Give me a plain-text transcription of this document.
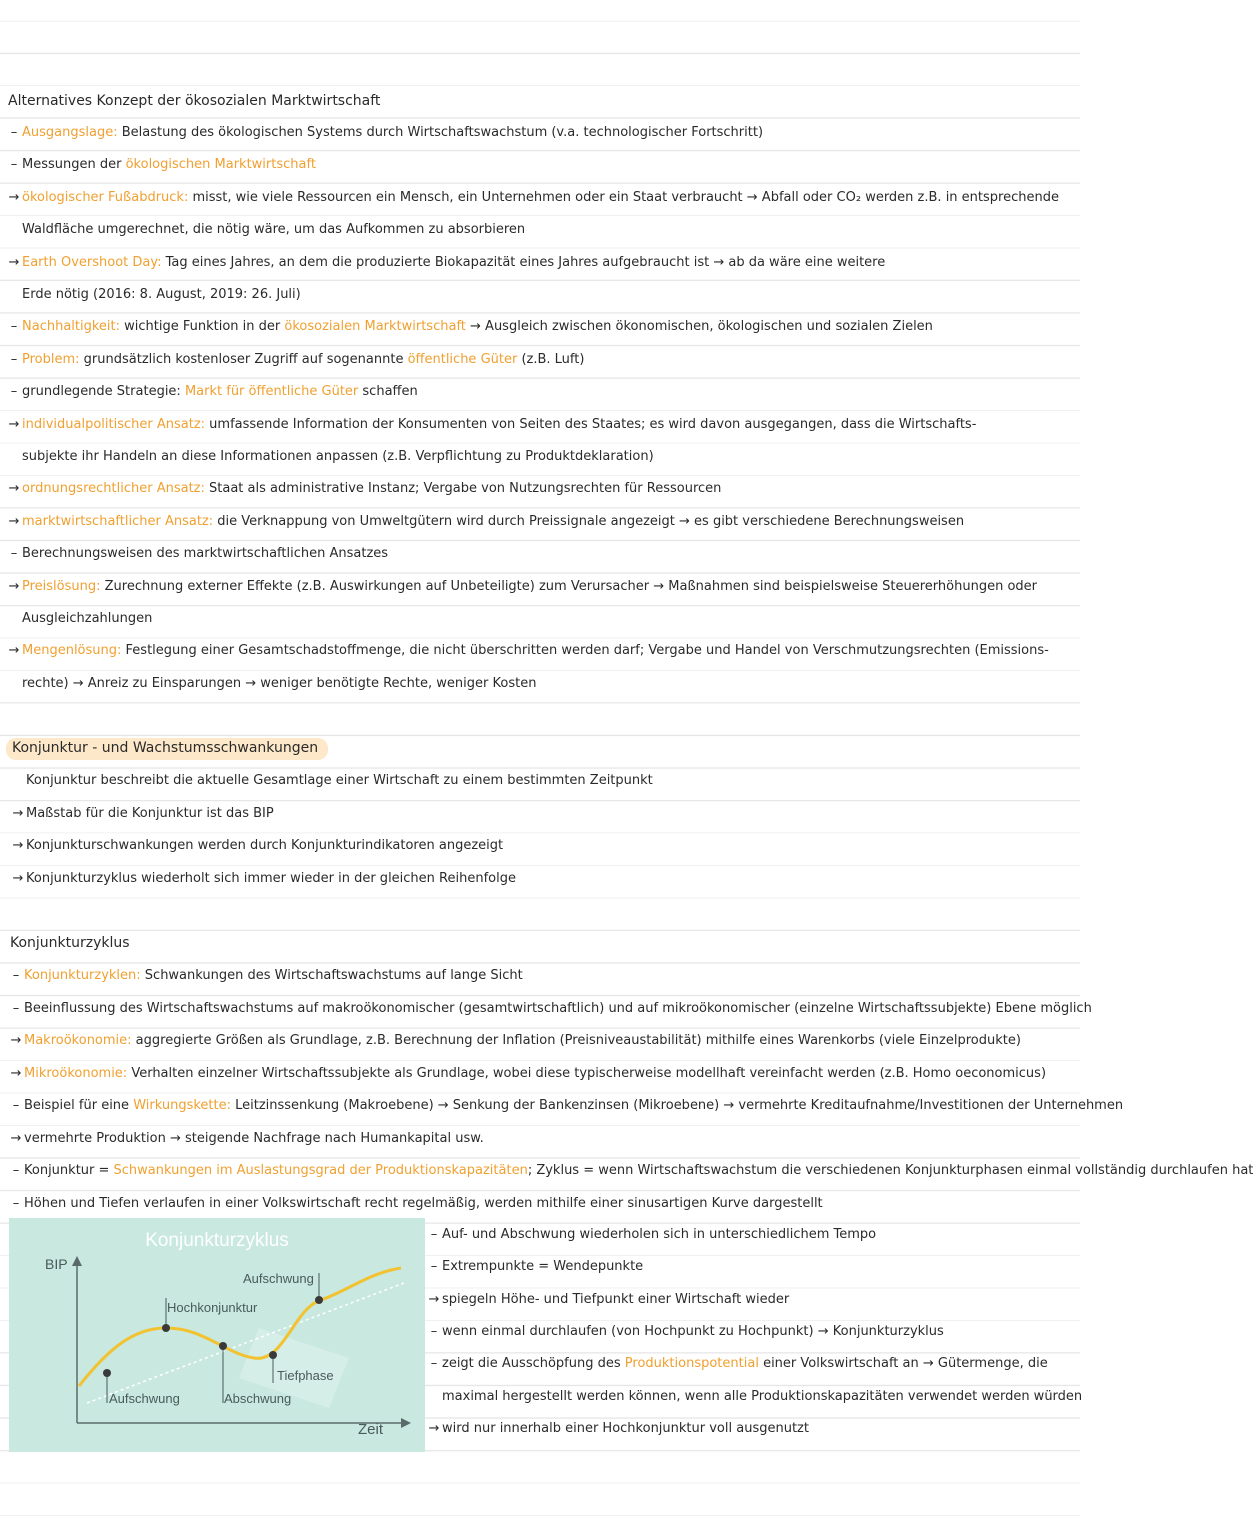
Alternatives Konzept der ökosozialen Marktwirtschaft
– Ausgangslage: Belastung des ökologischen Systems durch Wirtschaftswachstum (v.a. technologischer Fortschritt)
– Messungen der ökologischen Marktwirtschaft
→ ökologischer Fußabdruck: misst, wie viele Ressourcen ein Mensch, ein Unternehmen oder ein Staat verbraucht → Abfall oder CO₂ werden z.B. in entsprechende
Waldfläche umgerechnet, die nötig wäre, um das Aufkommen zu absorbieren
→ Earth Overshoot Day: Tag eines Jahres, an dem die produzierte Biokapazität eines Jahres aufgebraucht ist → ab da wäre eine weitere
Erde nötig (2016: 8. August, 2019: 26. Juli)
– Nachhaltigkeit: wichtige Funktion in der ökosozialen Marktwirtschaft → Ausgleich zwischen ökonomischen, ökologischen und sozialen Zielen
– Problem: grundsätzlich kostenloser Zugriff auf sogenannte öffentliche Güter (z.B. Luft)
– grundlegende Strategie: Markt für öffentliche Güter schaffen
→ individualpolitischer Ansatz: umfassende Information der Konsumenten von Seiten des Staates; es wird davon ausgegangen, dass die Wirtschafts-
subjekte ihr Handeln an diese Informationen anpassen (z.B. Verpflichtung zu Produktdeklaration)
→ ordnungsrechtlicher Ansatz: Staat als administrative Instanz; Vergabe von Nutzungsrechten für Ressourcen
→ marktwirtschaftlicher Ansatz: die Verknappung von Umweltgütern wird durch Preissignale angezeigt → es gibt verschiedene Berechnungsweisen
– Berechnungsweisen des marktwirtschaftlichen Ansatzes
→ Preislösung: Zurechnung externer Effekte (z.B. Auswirkungen auf Unbeteiligte) zum Verursacher → Maßnahmen sind beispielsweise Steuererhöhungen oder
Ausgleichzahlungen
→ Mengenlösung: Festlegung einer Gesamtschadstoffmenge, die nicht überschritten werden darf; Vergabe und Handel von Verschmutzungsrechten (Emissions-
rechte) → Anreiz zu Einsparungen → weniger benötigte Rechte, weniger Kosten
Konjunktur - und Wachstumsschwankungen
Konjunktur beschreibt die aktuelle Gesamtlage einer Wirtschaft zu einem bestimmten Zeitpunkt
→ Maßstab für die Konjunktur ist das BIP
→ Konjunkturschwankungen werden durch Konjunkturindikatoren angezeigt
→ Konjunkturzyklus wiederholt sich immer wieder in der gleichen Reihenfolge
Konjunkturzyklus
– Konjunkturzyklen: Schwankungen des Wirtschaftswachstums auf lange Sicht
– Beeinflussung des Wirtschaftswachstums auf makroökonomischer (gesamtwirtschaftlich) und auf mikroökonomischer (einzelne Wirtschaftssubjekte) Ebene möglich
→ Makroökonomie: aggregierte Größen als Grundlage, z.B. Berechnung der Inflation (Preisniveaustabilität) mithilfe eines Warenkorbs (viele Einzelprodukte)
→ Mikroökonomie: Verhalten einzelner Wirtschaftssubjekte als Grundlage, wobei diese typischerweise modellhaft vereinfacht werden (z.B. Homo oeconomicus)
– Beispiel für eine Wirkungskette: Leitzinssenkung (Makroebene) → Senkung der Bankenzinsen (Mikroebene) → vermehrte Kreditaufnahme/Investitionen der Unternehmen
→ vermehrte Produktion → steigende Nachfrage nach Humankapital usw.
– Konjunktur = Schwankungen im Auslastungsgrad der Produktionskapazitäten; Zyklus = wenn Wirtschaftswachstum die verschiedenen Konjunkturphasen einmal vollständig durchlaufen hat
– Höhen und Tiefen verlaufen in einer Volkswirtschaft recht regelmäßig, werden mithilfe einer sinusartigen Kurve dargestellt
Konjunkturzyklus
BIP
Zeit
Aufschwung
Hochkonjunktur
Tiefphase
Aufschwung	Abschwung
– Auf- und Abschwung wiederholen sich in unterschiedlichem Tempo
– Extrempunkte = Wendepunkte
→ spiegeln Höhe- und Tiefpunkt einer Wirtschaft wieder
– wenn einmal durchlaufen (von Hochpunkt zu Hochpunkt) → Konjunkturzyklus
– zeigt die Ausschöpfung des Produktionspotential einer Volkswirtschaft an → Gütermenge, die
maximal hergestellt werden können, wenn alle Produktionskapazitäten verwendet werden würden
→ wird nur innerhalb einer Hochkonjunktur voll ausgenutzt
